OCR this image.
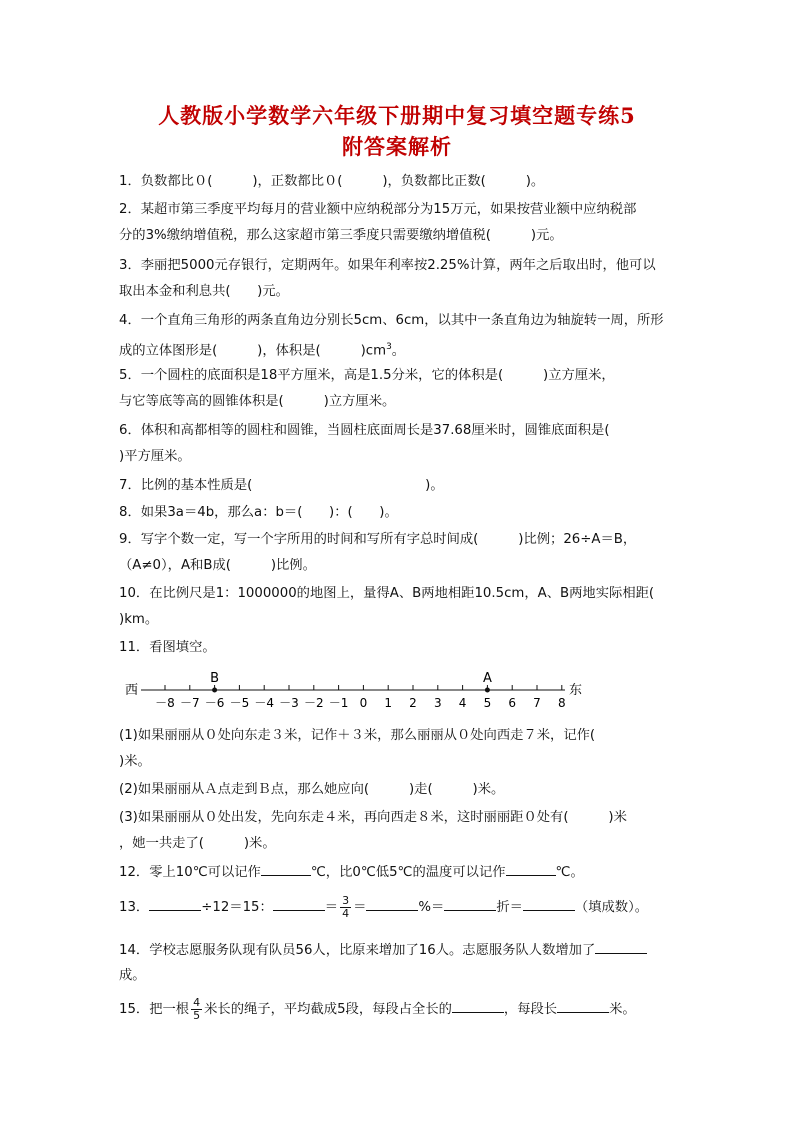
人教版小学数学六年级下册期中复习填空题专练5
附答案解析
1．负数都比０(　　　)，正数都比０(　　　)，负数都比正数(　　　)。
2．某超市第三季度平均每月的营业额中应纳税部分为15万元，如果按营业额中应纳税部
分的3%缴纳增值税，那么这家超市第三季度只需要缴纳增值税(　　　)元。
3．李丽把5000元存银行，定期两年。如果年利率按2.25%计算，两年之后取出时，他可以
取出本金和利息共(　　)元。
4．一个直角三角形的两条直角边分别长5cm、6cm，以其中一条直角边为轴旋转一周，所形
成的立体图形是(　　　)，体积是(　　　)$cm^3$。
5．一个圆柱的底面积是18平方厘米，高是1.5分米，它的体积是(　　　)立方厘米，
与它等底等高的圆锥体积是(　　　)立方厘米。
6．体积和高都相等的圆柱和圆锥，当圆柱底面周长是37.68厘米时，圆锥底面积是(
)平方厘米。
7．比例的基本性质是(　　　　　　　　　　　　　)。
8．如果3a＝4b，那么a：b＝(　　)：(　　)。
9．写字个数一定，写一个字所用的时间和写所有字总时间成(　　　)比例；26÷A＝B，
（A≠0），A和B成(　　　)比例。
10．在比例尺是1：1000000的地图上，量得A、B两地相距10.5cm，A、B两地实际相距(
)km。
11．看图填空。
西	东
－8 －7 －6 －5 －4 －3 －2 －1 0 1 2 3 4 5 6 7 8
B	A
(1)如果丽丽从０处向东走３米，记作＋３米，那么丽丽从０处向西走７米，记作(
)米。
(2)如果丽丽从Ａ点走到Ｂ点，那么她应向(　　　)走(　　　)米。
(3)如果丽丽从０处出发，先向东走４米，再向西走８米，这时丽丽距０处有(　　　)米
，她一共走了(　　　)米。
12．零上10℃可以记作	℃，比0℃低5℃的温度可以记作	℃。
13．	÷12＝15：	＝ $\frac{3}{4}$ ＝	%＝	折＝	（填成数）。
14．学校志愿服务队现有队员56人，比原来增加了16人。志愿服务队人数增加了
成。
15．把一根 $\frac{4}{5}$ 米长的绳子，平均截成5段，每段占全长的	，每段长	米。
